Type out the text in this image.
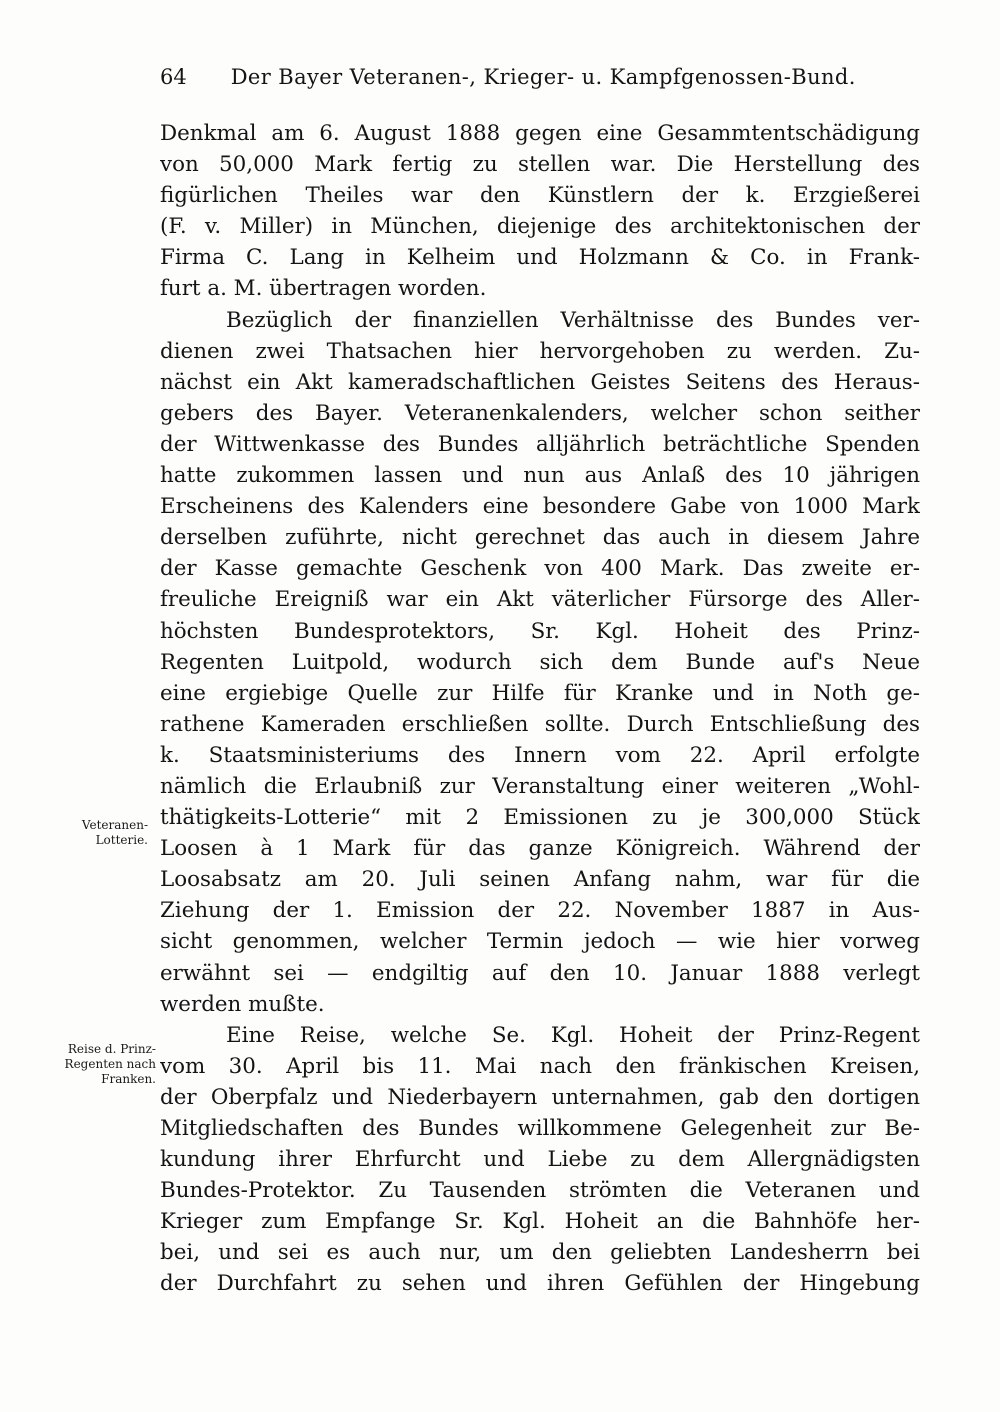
64 Der Bayer Veteranen-, Krieger- u. Kampfgenossen-Bund.
Denkmal am 6. August 1888 gegen eine Gesammtentschädigung
von 50,000 Mark fertig zu stellen war. Die Herstellung des
figürlichen Theiles war den Künstlern der k. Erzgießerei
(F. v. Miller) in München, diejenige des architektonischen der
Firma C. Lang in Kelheim und Holzmann & Co. in Frank-
furt a. M. übertragen worden.
Bezüglich der finanziellen Verhältnisse des Bundes ver-
dienen zwei Thatsachen hier hervorgehoben zu werden. Zu-
nächst ein Akt kameradschaftlichen Geistes Seitens des Heraus-
gebers des Bayer. Veteranenkalenders, welcher schon seither
der Wittwenkasse des Bundes alljährlich beträchtliche Spenden
hatte zukommen lassen und nun aus Anlaß des 10 jährigen
Erscheinens des Kalenders eine besondere Gabe von 1000 Mark
derselben zuführte, nicht gerechnet das auch in diesem Jahre
der Kasse gemachte Geschenk von 400 Mark. Das zweite er-
freuliche Ereigniß war ein Akt väterlicher Fürsorge des Aller-
höchsten Bundesprotektors, Sr. Kgl. Hoheit des Prinz-
Regenten Luitpold, wodurch sich dem Bunde auf's Neue
eine ergiebige Quelle zur Hilfe für Kranke und in Noth ge-
rathene Kameraden erschließen sollte. Durch Entschließung des
k. Staatsministeriums des Innern vom 22. April erfolgte
nämlich die Erlaubniß zur Veranstaltung einer weiteren „Wohl-
thätigkeits-Lotterie“ mit 2 Emissionen zu je 300,000 Stück
Loosen à 1 Mark für das ganze Königreich. Während der
Loosabsatz am 20. Juli seinen Anfang nahm, war für die
Ziehung der 1. Emission der 22. November 1887 in Aus-
sicht genommen, welcher Termin jedoch — wie hier vorweg
erwähnt sei — endgiltig auf den 10. Januar 1888 verlegt
werden mußte.
Eine Reise, welche Se. Kgl. Hoheit der Prinz-Regent
vom 30. April bis 11. Mai nach den fränkischen Kreisen,
der Oberpfalz und Niederbayern unternahmen, gab den dortigen
Mitgliedschaften des Bundes willkommene Gelegenheit zur Be-
kundung ihrer Ehrfurcht und Liebe zu dem Allergnädigsten
Bundes-Protektor. Zu Tausenden strömten die Veteranen und
Krieger zum Empfange Sr. Kgl. Hoheit an die Bahnhöfe her-
bei, und sei es auch nur, um den geliebten Landesherrn bei
der Durchfahrt zu sehen und ihren Gefühlen der Hingebung
Veteranen-
Lotterie.
Reise d. Prinz-
Regenten nach
Franken.
